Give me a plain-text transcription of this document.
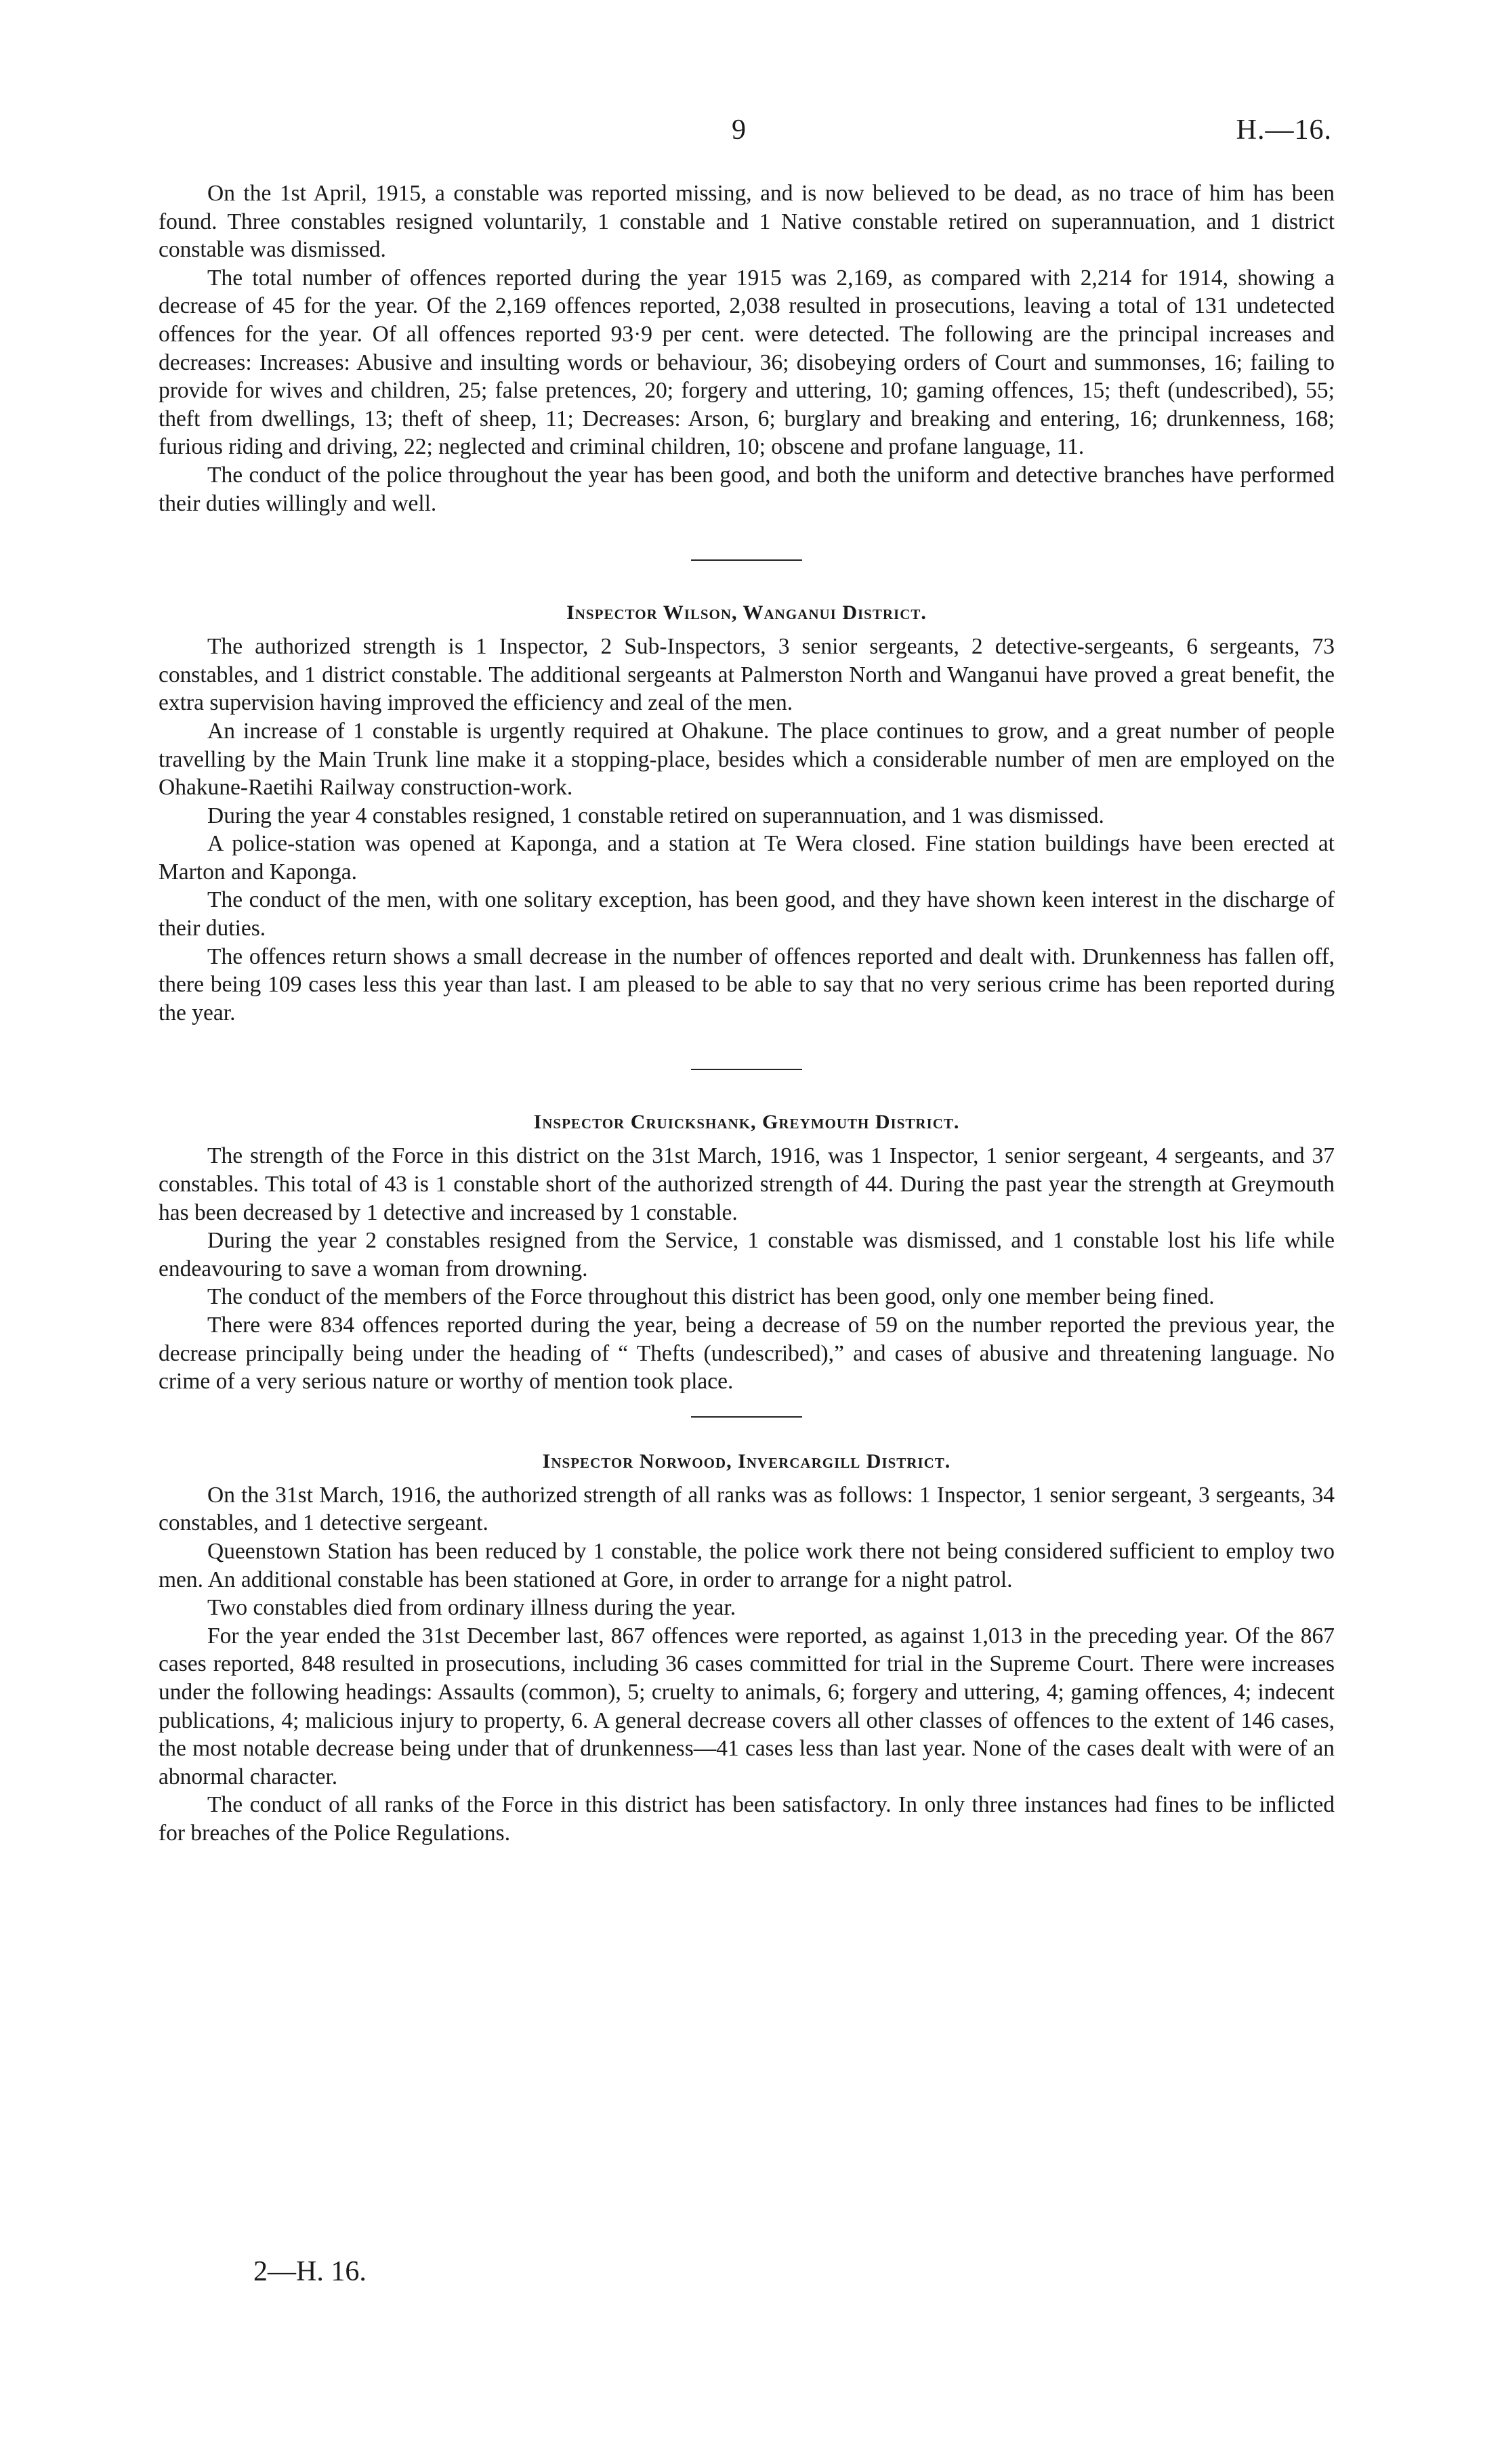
9	H.—16.

On the 1st April, 1915, a constable was reported missing, and is now believed to be dead, as no trace of him has been found. Three constables resigned voluntarily, 1 constable and 1 Native constable retired on superannuation, and 1 district constable was dismissed.

The total number of offences reported during the year 1915 was 2,169, as compared with 2,214 for 1914, showing a decrease of 45 for the year. Of the 2,169 offences reported, 2,038 resulted in prosecutions, leaving a total of 131 undetected offences for the year. Of all offences reported 93·9 per cent. were detected. The following are the principal increases and decreases: Increases: Abusive and insulting words or behaviour, 36; disobeying orders of Court and summonses, 16; failing to provide for wives and children, 25; false pretences, 20; forgery and uttering, 10; gaming offences, 15; theft (undescribed), 55; theft from dwellings, 13; theft of sheep, 11; Decreases: Arson, 6; burglary and breaking and entering, 16; drunkenness, 168; furious riding and driving, 22; neglected and criminal children, 10; obscene and profane language, 11.

The conduct of the police throughout the year has been good, and both the uniform and detective branches have performed their duties willingly and well.

Inspector Wilson, Wanganui District.

The authorized strength is 1 Inspector, 2 Sub-Inspectors, 3 senior sergeants, 2 detective-sergeants, 6 sergeants, 73 constables, and 1 district constable. The additional sergeants at Palmerston North and Wanganui have proved a great benefit, the extra supervision having improved the efficiency and zeal of the men.

An increase of 1 constable is urgently required at Ohakune. The place continues to grow, and a great number of people travelling by the Main Trunk line make it a stopping-place, besides which a considerable number of men are employed on the Ohakune-Raetihi Railway construction-work.

During the year 4 constables resigned, 1 constable retired on superannuation, and 1 was dismissed.

A police-station was opened at Kaponga, and a station at Te Wera closed. Fine station buildings have been erected at Marton and Kaponga.

The conduct of the men, with one solitary exception, has been good, and they have shown keen interest in the discharge of their duties.

The offences return shows a small decrease in the number of offences reported and dealt with. Drunkenness has fallen off, there being 109 cases less this year than last. I am pleased to be able to say that no very serious crime has been reported during the year.

Inspector Cruickshank, Greymouth District.

The strength of the Force in this district on the 31st March, 1916, was 1 Inspector, 1 senior sergeant, 4 sergeants, and 37 constables. This total of 43 is 1 constable short of the authorized strength of 44. During the past year the strength at Greymouth has been decreased by 1 detective and increased by 1 constable.

During the year 2 constables resigned from the Service, 1 constable was dismissed, and 1 constable lost his life while endeavouring to save a woman from drowning.

The conduct of the members of the Force throughout this district has been good, only one member being fined.

There were 834 offences reported during the year, being a decrease of 59 on the number reported the previous year, the decrease principally being under the heading of “ Thefts (undescribed),” and cases of abusive and threatening language. No crime of a very serious nature or worthy of mention took place.

Inspector Norwood, Invercargill District.

On the 31st March, 1916, the authorized strength of all ranks was as follows: 1 Inspector, 1 senior sergeant, 3 sergeants, 34 constables, and 1 detective sergeant.

Queenstown Station has been reduced by 1 constable, the police work there not being considered sufficient to employ two men. An additional constable has been stationed at Gore, in order to arrange for a night patrol.

Two constables died from ordinary illness during the year.

For the year ended the 31st December last, 867 offences were reported, as against 1,013 in the preceding year. Of the 867 cases reported, 848 resulted in prosecutions, including 36 cases committed for trial in the Supreme Court. There were increases under the following headings: Assaults (common), 5; cruelty to animals, 6; forgery and uttering, 4; gaming offences, 4; indecent publications, 4; malicious injury to property, 6. A general decrease covers all other classes of offences to the extent of 146 cases, the most notable decrease being under that of drunkenness—41 cases less than last year. None of the cases dealt with were of an abnormal character.

The conduct of all ranks of the Force in this district has been satisfactory. In only three instances had fines to be inflicted for breaches of the Police Regulations.

2—H. 16.
